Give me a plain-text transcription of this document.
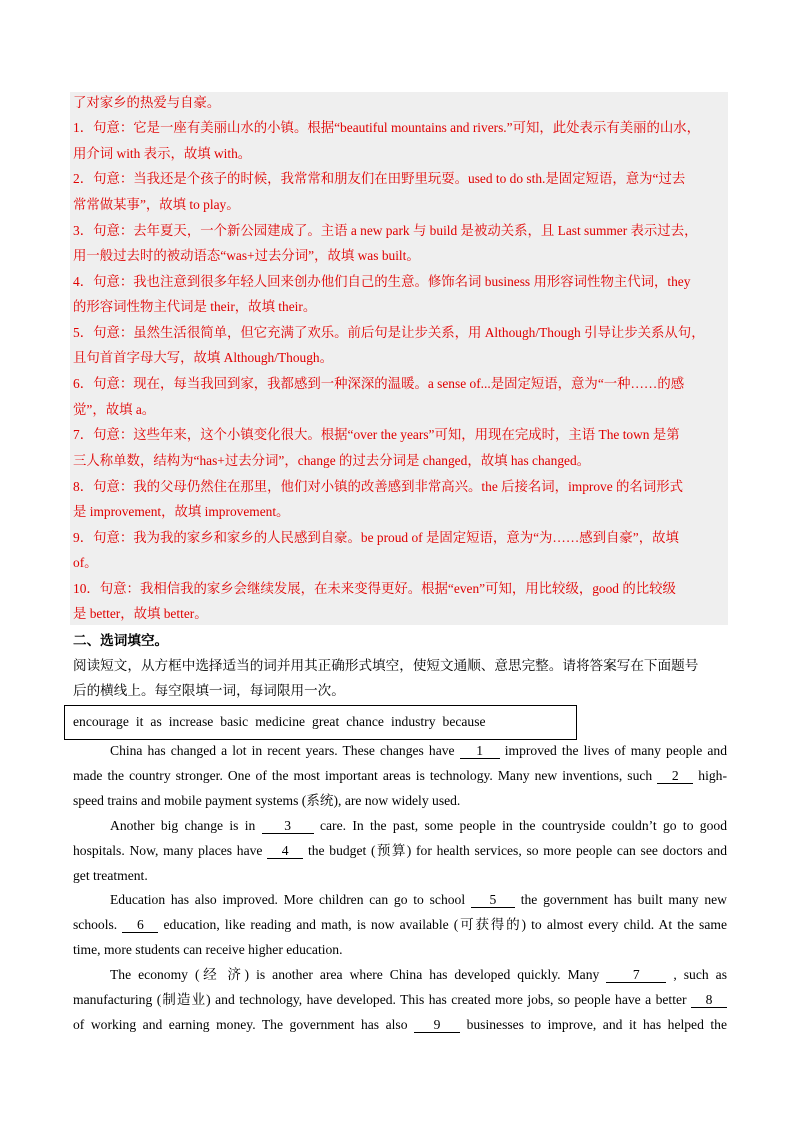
了对家乡的热爱与自豪。
1．句意：它是一座有美丽山水的小镇。根据“beautiful mountains and rivers.”可知，此处表示有美丽的山水，
用介词 with 表示，故填 with。
2．句意：当我还是个孩子的时候，我常常和朋友们在田野里玩耍。used to do sth.是固定短语，意为“过去
常常做某事”，故填 to play。
3．句意：去年夏天，一个新公园建成了。主语 a new park 与 build 是被动关系，且 Last summer 表示过去，
用一般过去时的被动语态“was+过去分词”，故填 was built。
4．句意：我也注意到很多年轻人回来创办他们自己的生意。修饰名词 business 用形容词性物主代词，they
的形容词性物主代词是 their，故填 their。
5．句意：虽然生活很简单，但它充满了欢乐。前后句是让步关系，用 Although/Though 引导让步关系从句，
且句首首字母大写，故填 Although/Though。
6．句意：现在，每当我回到家，我都感到一种深深的温暖。a sense of...是固定短语，意为“一种……的感
觉”，故填 a。
7．句意：这些年来，这个小镇变化很大。根据“over the years”可知，用现在完成时，主语 The town 是第
三人称单数，结构为“has+过去分词”，change 的过去分词是 changed，故填 has changed。
8．句意：我的父母仍然住在那里，他们对小镇的改善感到非常高兴。the 后接名词，improve 的名词形式
是 improvement，故填 improvement。
9．句意：我为我的家乡和家乡的人民感到自豪。be proud of 是固定短语，意为“为……感到自豪”，故填
of。
10．句意：我相信我的家乡会继续发展，在未来变得更好。根据“even”可知，用比较级，good 的比较级
是 better，故填 better。
二、选词填空。
阅读短文，从方框中选择适当的词并用其正确形式填空，使短文通顺、意思完整。请将答案写在下面题号
后的横线上。每空限填一词，每词限用一次。
encourage it as increase basic medicine great chance industry because
China has changed a lot in recent years. These changes have 1 improved the lives of many people and
made the country stronger. One of the most important areas is technology. Many new inventions, such 2 high-
speed trains and mobile payment systems (系统), are now widely used.
Another big change is in 3 care. In the past, some people in the countryside couldn’t go to good
hospitals. Now, many places have 4 the budget (预算) for health services, so more people can see doctors and
get treatment.
Education has also improved. More children can go to school 5 the government has built many new
schools. 6 education, like reading and math, is now available (可获得的) to almost every child. At the same
time, more students can receive higher education.
The economy (经 济) is another area where China has developed quickly. Many 7 , such as
manufacturing (制造业) and technology, have developed. This has created more jobs, so people have a better 8
of working and earning money. The government has also 9 businesses to improve, and it has helped the
